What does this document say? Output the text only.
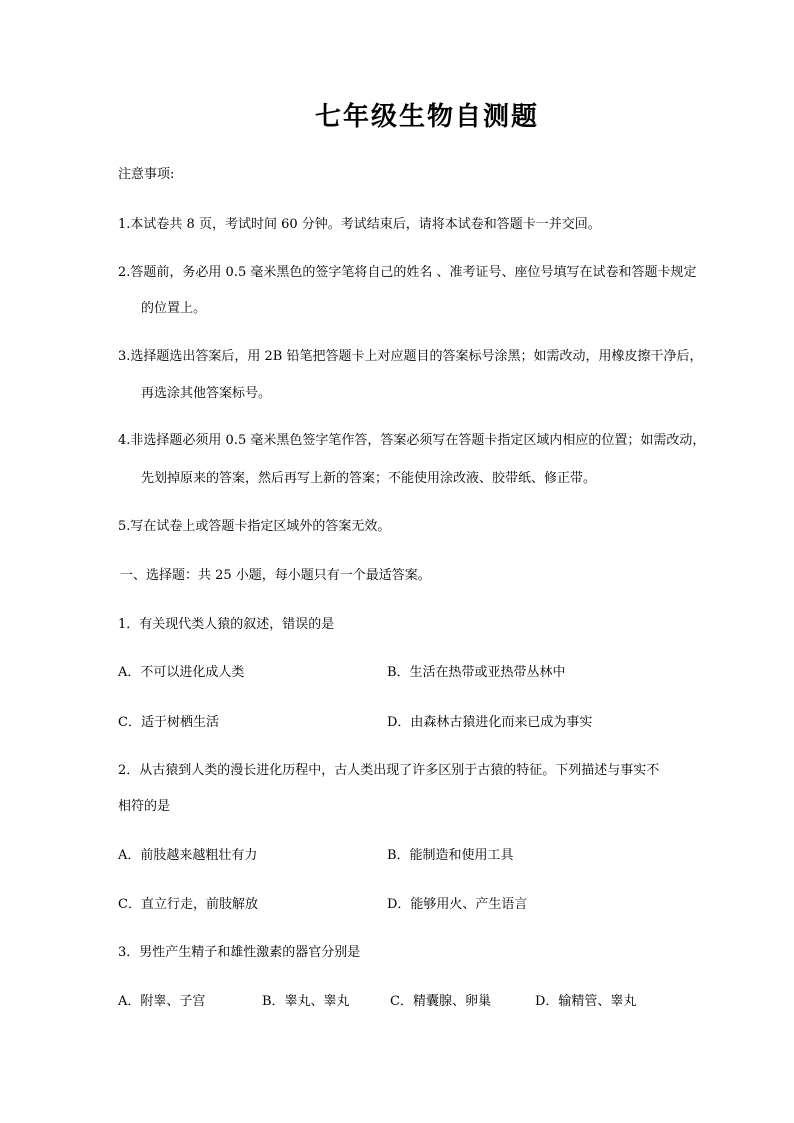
七年级生物自测题
注意事项:
1.本试卷共 8 页，考试时间 60 分钟。考试结束后，请将本试卷和答题卡一并交回。
2.答题前，务必用 0.5 毫米黑色的签字笔将自己的姓名 、准考证号、座位号填写在试卷和答题卡规定
的位置上。
3.选择题选出答案后，用 2B 铅笔把答题卡上对应题目的答案标号涂黑；如需改动，用橡皮擦干净后，
再选涂其他答案标号。
4.非选择题必须用 0.5 毫米黑色签字笔作答，答案必须写在答题卡指定区域内相应的位置；如需改动，
先划掉原来的答案，然后再写上新的答案；不能使用涂改液、胶带纸、修正带。
5.写在试卷上或答题卡指定区域外的答案无效。
一、选择题：共 25 小题，每小题只有一个最适答案。
1．有关现代类人猿的叙述，错误的是
A．不可以进化成人类	B．生活在热带或亚热带丛林中
C．适于树栖生活	D．由森林古猿进化而来已成为事实
2．从古猿到人类的漫长进化历程中，古人类出现了许多区别于古猿的特征。下列描述与事实不
相符的是
A．前肢越来越粗壮有力	B．能制造和使用工具
C．直立行走，前肢解放	D．能够用火、产生语言
3．男性产生精子和雄性激素的器官分别是
A．附睾、子宫	B．睾丸、睾丸	C．精囊腺、卵巢	D．输精管、睾丸
